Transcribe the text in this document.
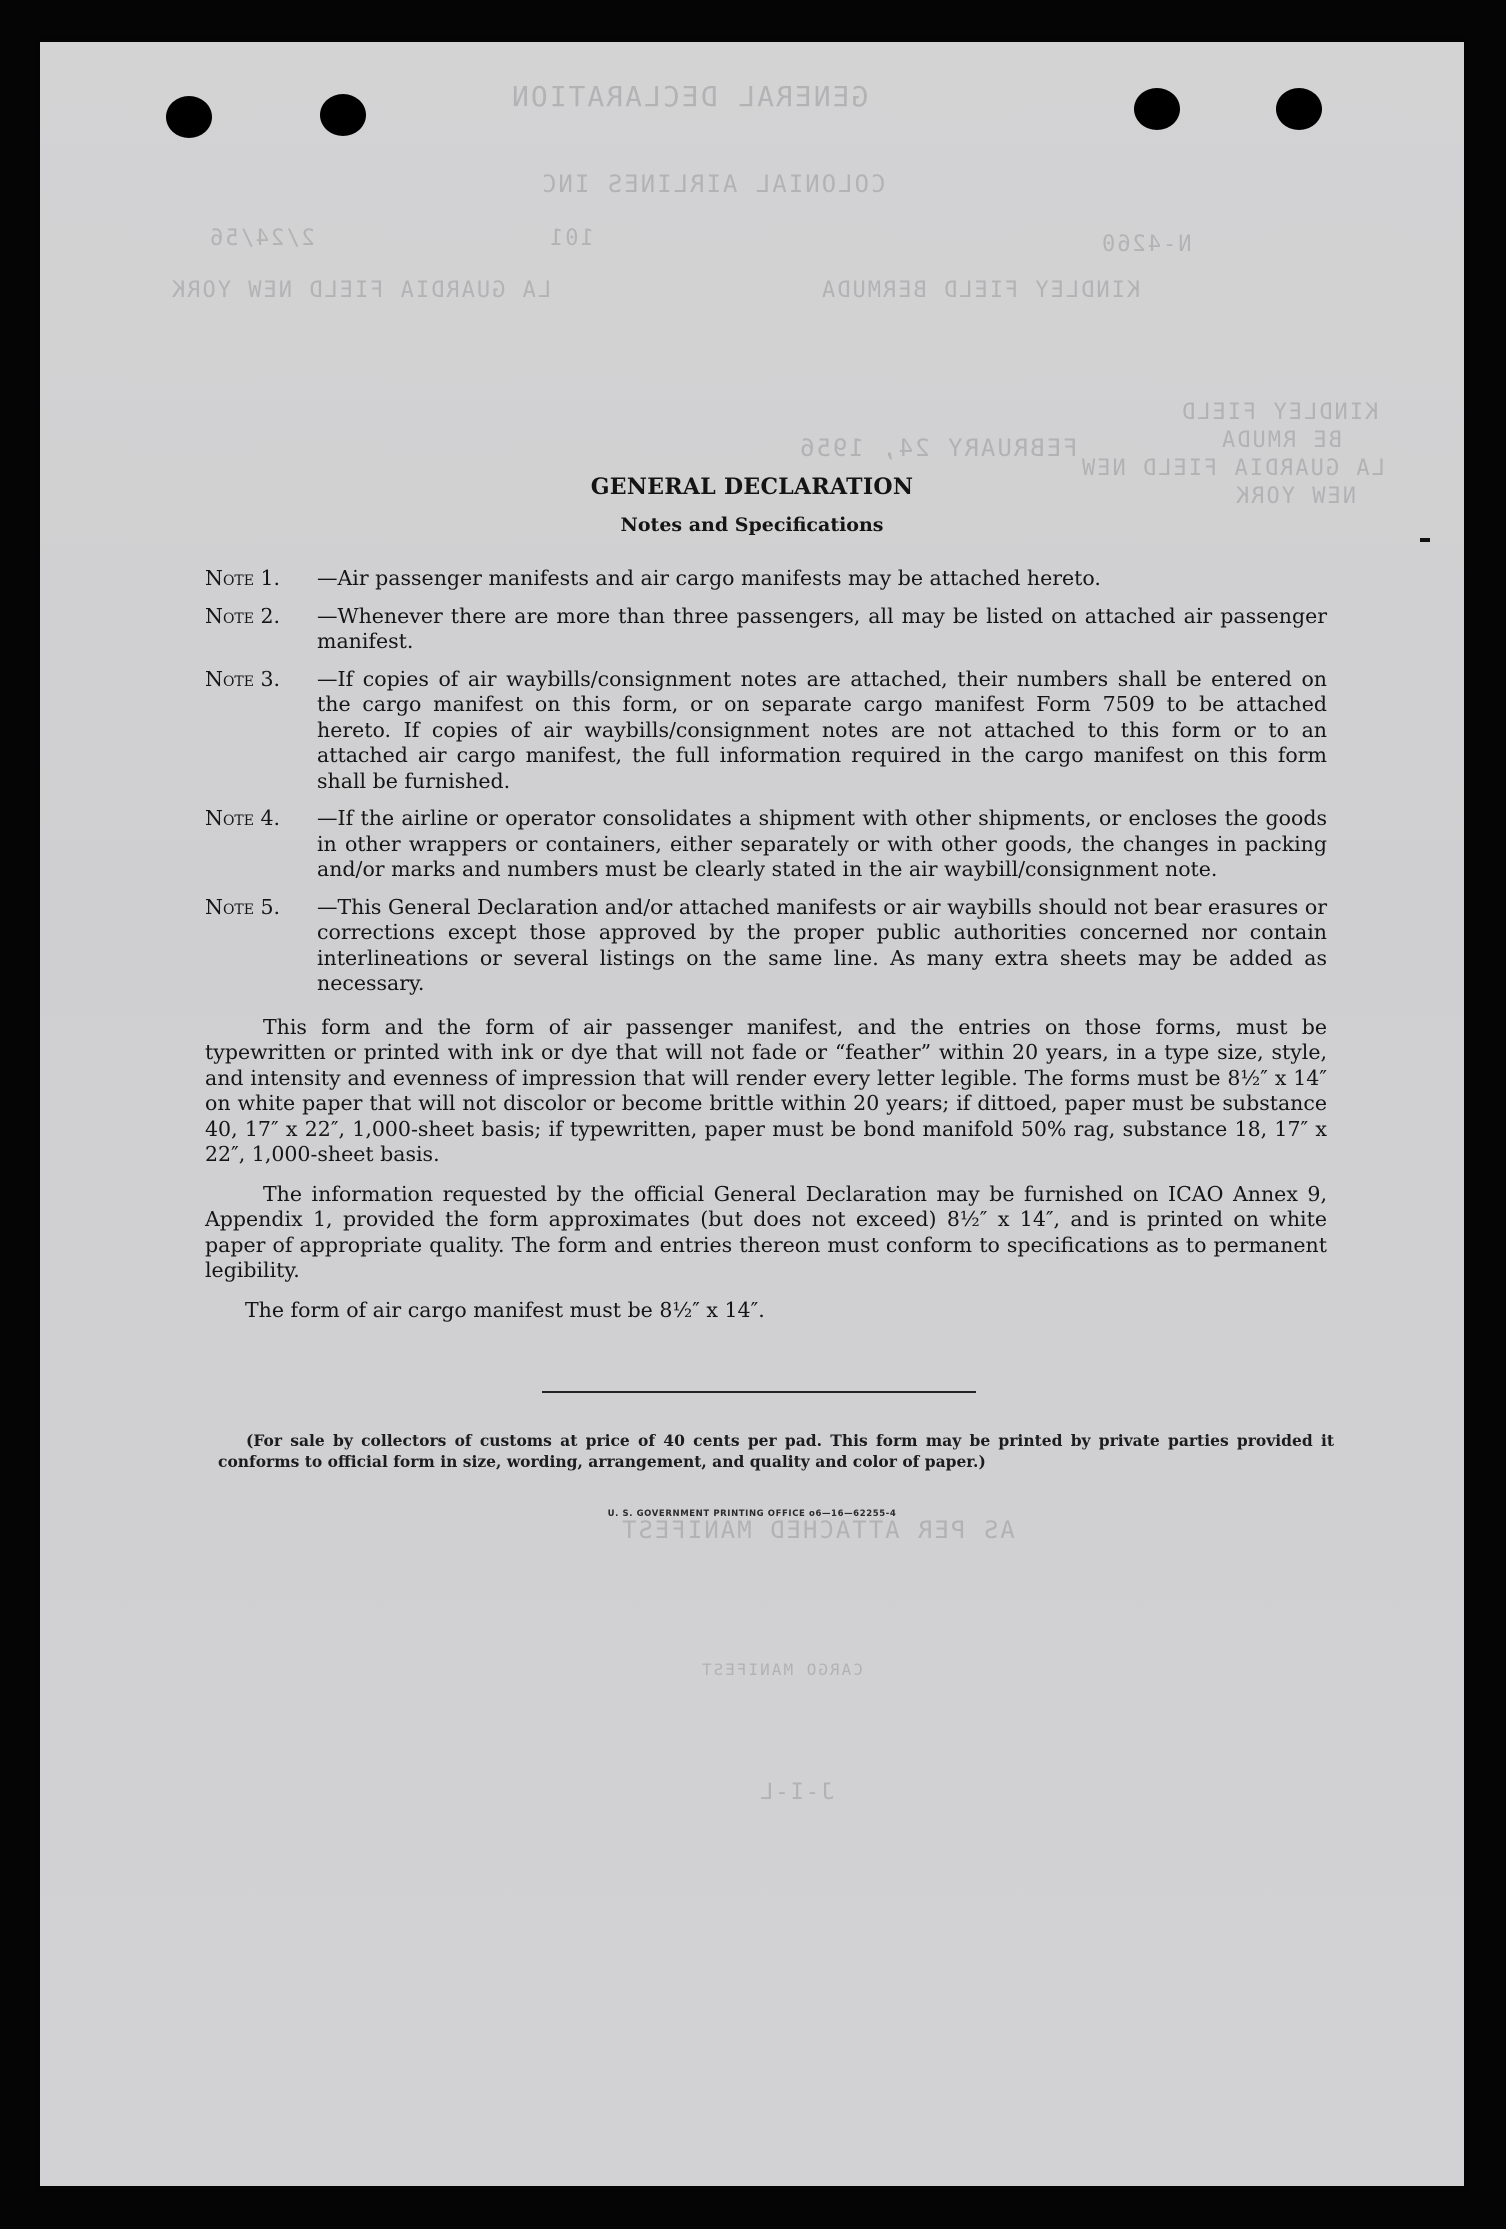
GENERAL DECLARATION
COLONIAL AIRLINES INC
101
2/24/56	N-4260
KINDLEY FIELD BERMUDA
LA GUARDIA FIELD NEW YORK
FEBRUARY 24, 1956
KINDLEY FIELD
BE RMUDA
LA GUARDIA FIELD NEW
NEW YORK
AS PER ATTACHED MANIFEST
CARGO MANIFEST
J-I-L
GENERAL DECLARATION
Notes and Specifications
Note 1.	—Air passenger manifests and air cargo manifests may be attached hereto.
Note 2.	—Whenever there are more than three passengers, all may be listed on attached air passenger manifest.
Note 3.	—If copies of air waybills/consignment notes are attached, their numbers shall be entered on the cargo manifest on this form, or on separate cargo manifest Form 7509 to be attached hereto. If copies of air waybills/consignment notes are not attached to this form or to an attached air cargo manifest, the full information required in the cargo manifest on this form shall be furnished.
Note 4.	—If the airline or operator consolidates a shipment with other shipments, or encloses the goods in other wrappers or containers, either separately or with other goods, the changes in packing and/or marks and numbers must be clearly stated in the air waybill/consignment note.
Note 5.	—This General Declaration and/or attached manifests or air waybills should not bear erasures or corrections except those approved by the proper public authorities concerned nor contain interlineations or several listings on the same line. As many extra sheets may be added as necessary.

This form and the form of air passenger manifest, and the entries on those forms, must be typewritten or printed with ink or dye that will not fade or “feather” within 20 years, in a type size, style, and intensity and evenness of impression that will render every letter legible. The forms must be 8½″ x 14″ on white paper that will not discolor or become brittle within 20 years; if dittoed, paper must be substance 40, 17″ x 22″, 1,000-sheet basis; if typewritten, paper must be bond manifold 50% rag, substance 18, 17″ x 22″, 1,000-sheet basis.

The information requested by the official General Declaration may be furnished on ICAO Annex 9, Appendix 1, provided the form approximates (but does not exceed) 8½″ x 14″, and is printed on white paper of appropriate quality. The form and entries thereon must conform to specifications as to permanent legibility.

The form of air cargo manifest must be 8½″ x 14″.

(For sale by collectors of customs at price of 40 cents per pad. This form may be printed by private parties provided it conforms to official form in size, wording, arrangement, and quality and color of paper.)
U. S. GOVERNMENT PRINTING OFFICE o6—16—62255-4
